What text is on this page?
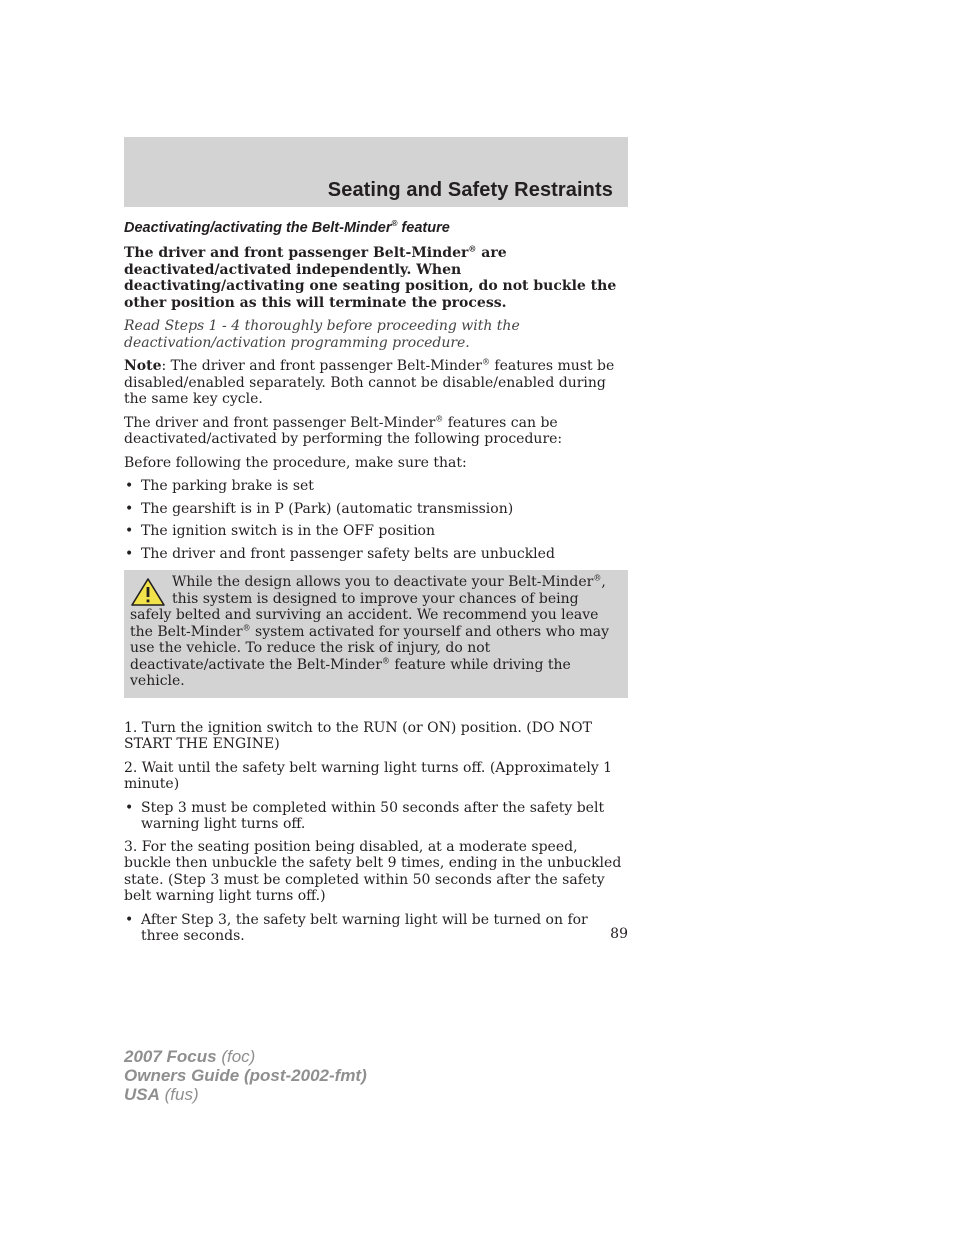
Seating and Safety Restraints
Deactivating/activating the Belt-Minder® feature

The driver and front passenger Belt-Minder® are deactivated/activated independently. When deactivating/activating one seating position, do not buckle the other position as this will terminate the process.

Read Steps 1 - 4 thoroughly before proceeding with the deactivation/activation programming procedure.

Note: The driver and front passenger Belt-Minder® features must be disabled/enabled separately. Both cannot be disable/enabled during the same key cycle.

The driver and front passenger Belt-Minder® features can be deactivated/activated by performing the following procedure:

Before following the procedure, make sure that:

• The parking brake is set
• The gearshift is in P (Park) (automatic transmission)
• The ignition switch is in the OFF position
• The driver and front passenger safety belts are unbuckled
While the design allows you to deactivate your Belt-Minder®, this system is designed to improve your chances of being safely belted and surviving an accident. We recommend you leave the Belt-Minder® system activated for yourself and others who may use the vehicle. To reduce the risk of injury, do not deactivate/activate the Belt-Minder® feature while driving the vehicle.

1. Turn the ignition switch to the RUN (or ON) position. (DO NOT START THE ENGINE)

2. Wait until the safety belt warning light turns off. (Approximately 1 minute)

• Step 3 must be completed within 50 seconds after the safety belt warning light turns off.

3. For the seating position being disabled, at a moderate speed, buckle then unbuckle the safety belt 9 times, ending in the unbuckled state. (Step 3 must be completed within 50 seconds after the safety belt warning light turns off.)

• After Step 3, the safety belt warning light will be turned on for three seconds.	89
2007 Focus (foc)
Owners Guide (post-2002-fmt)
USA (fus)
